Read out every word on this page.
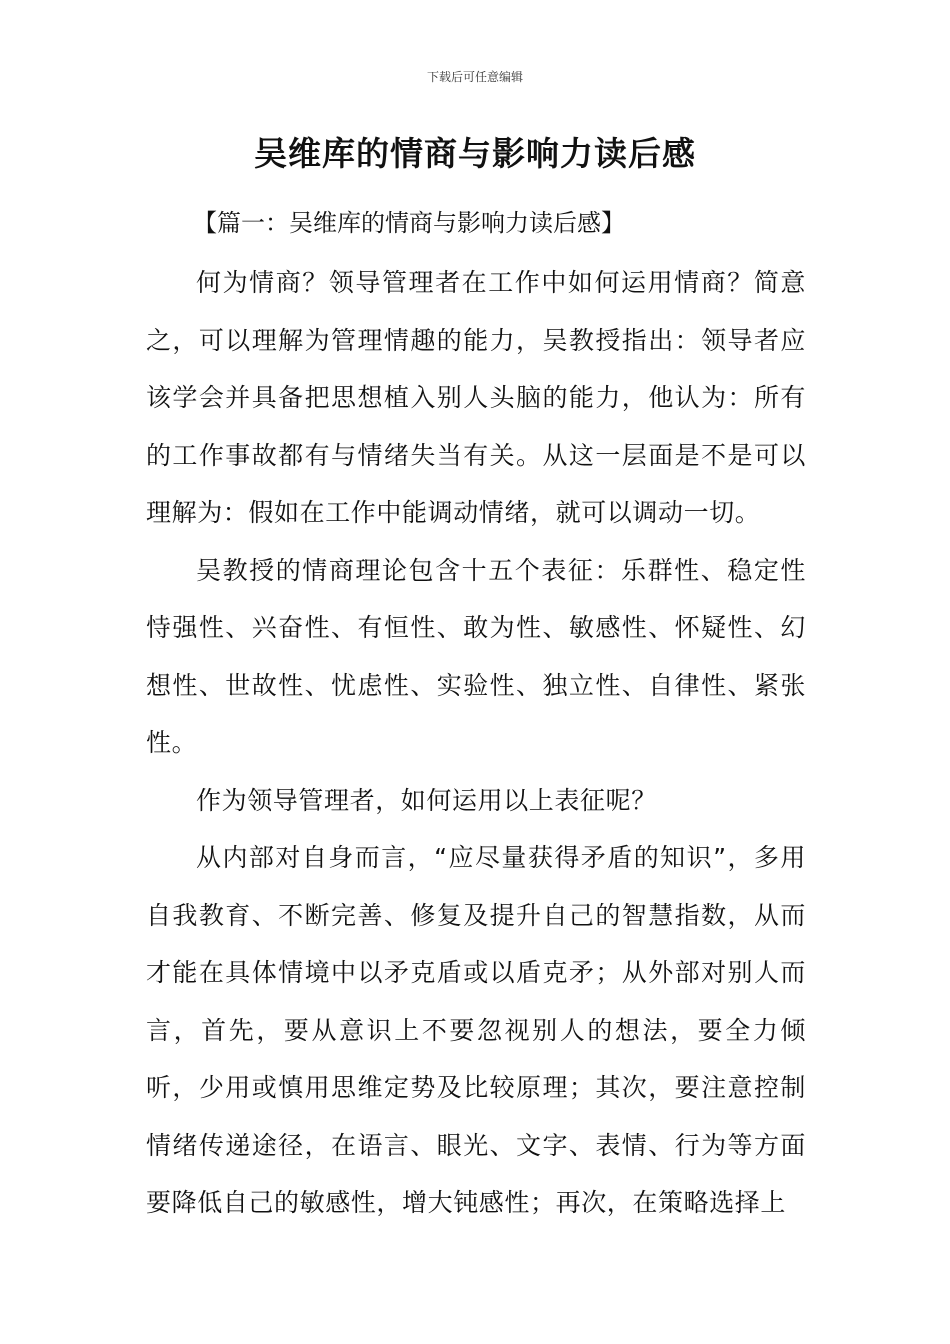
下载后可任意编辑
吴维库的情商与影响力读后感
【篇一：吴维库的情商与影响力读后感】

何为情商？领导管理者在工作中如何运用情商？简意之，可以理解为管理情趣的能力，吴教授指出：领导者应该学会并具备把思想植入别人头脑的能力，他认为：所有的工作事故都有与情绪失当有关。从这一层面是不是可以理解为：假如在工作中能调动情绪，就可以调动一切。

吴教授的情商理论包含十五个表征：乐群性、稳定性恃强性、兴奋性、有恒性、敢为性、敏感性、怀疑性、幻想性、世故性、忧虑性、实验性、独立性、自律性、紧张性。

作为领导管理者，如何运用以上表征呢？

从内部对自身而言，“应尽量获得矛盾的知识”，多用自我教育、不断完善、修复及提升自己的智慧指数，从而才能在具体情境中以矛克盾或以盾克矛；从外部对别人而言，首先，要从意识上不要忽视别人的想法，要全力倾听，少用或慎用思维定势及比较原理；其次，要注意控制情绪传递途径，在语言、眼光、文字、表情、行为等方面要降低自己的敏感性，增大钝感性；再次，在策略选择上
